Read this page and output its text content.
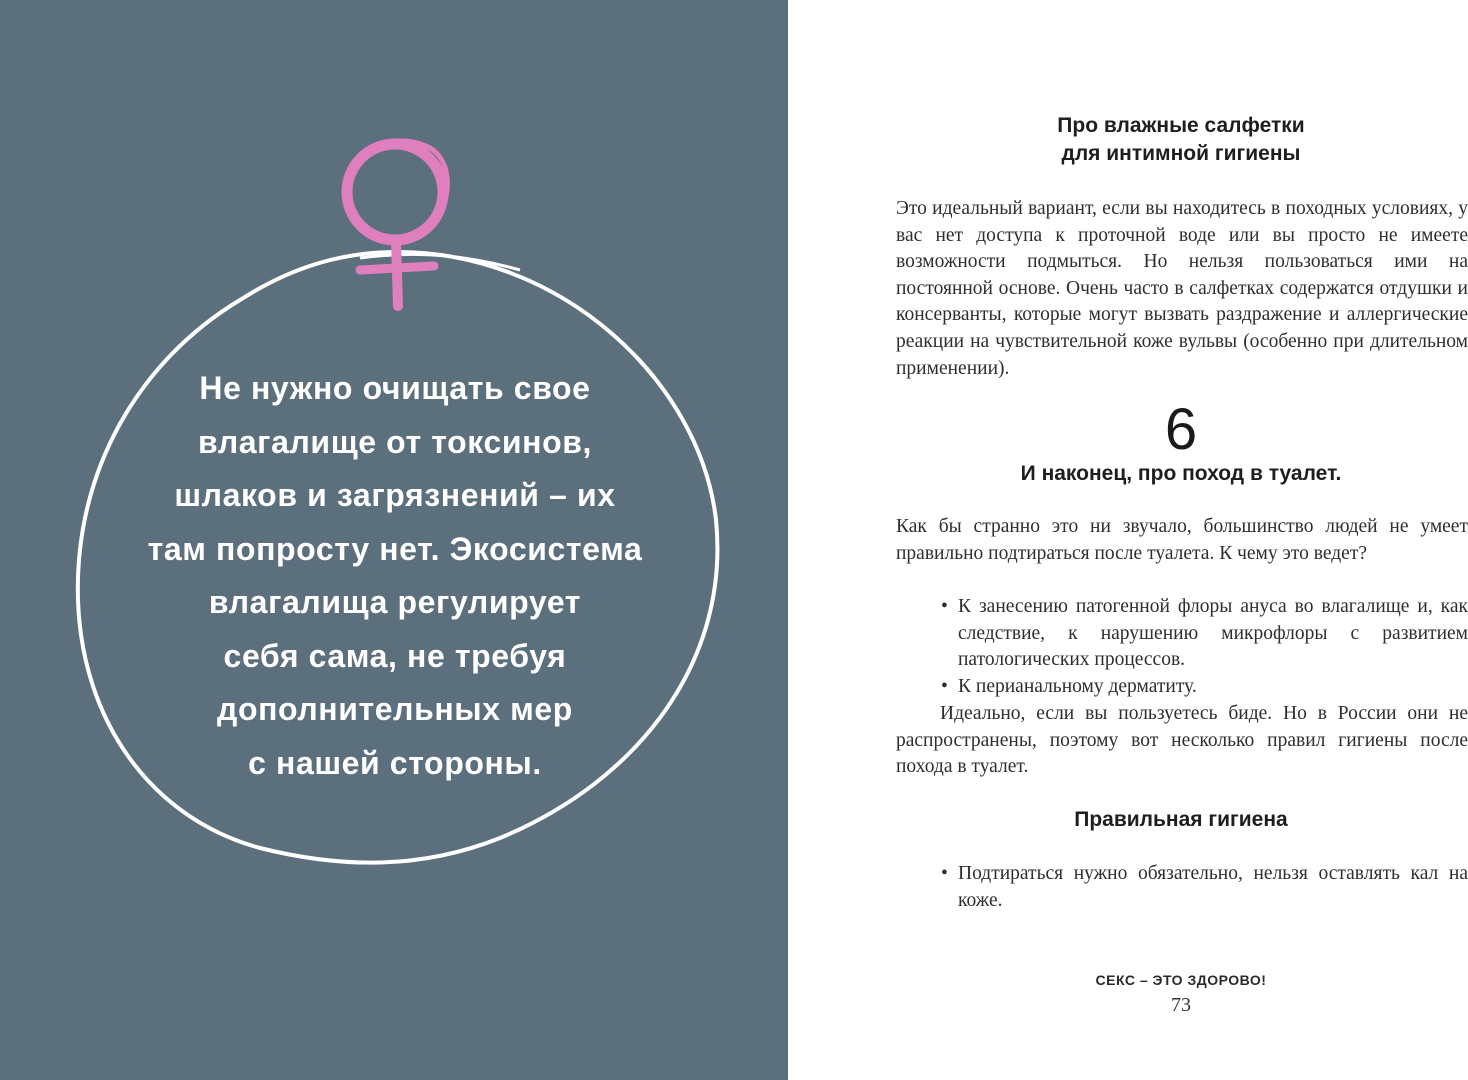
Не нужно очищать свое
влагалище от токсинов,
шлаков и загрязнений – их
там попросту нет. Экосистема
влагалища регулирует
себя сама, не требуя
дополнительных мер
с нашей стороны.
Про влажные салфетки
для интимной гигиены
Это идеальный вариант, если вы находитесь в походных условиях, у вас нет доступа к проточной воде или вы просто не имеете возможности подмыться. Но нельзя пользоваться ими на постоянной основе. Очень часто в салфетках содержатся отдушки и консерванты, которые могут вызвать раздражение и аллергические реакции на чувствительной коже вульвы (особенно при длительном применении).
6
И наконец, про поход в туалет.
Как бы странно это ни звучало, большинство людей не умеет правильно подтираться после туалета. К чему это ведет?
• К занесению патогенной флоры ануса во влагалище и, как следствие, к нарушению микрофлоры с развитием патологических процессов.
• К перианальному дерматиту.
Идеально, если вы пользуетесь биде. Но в России они не распространены, поэтому вот несколько правил гигиены после похода в туалет.
Правильная гигиена
• Подтираться нужно обязательно, нельзя оставлять кал на коже.
СЕКС – ЭТО ЗДОРОВО!
73
